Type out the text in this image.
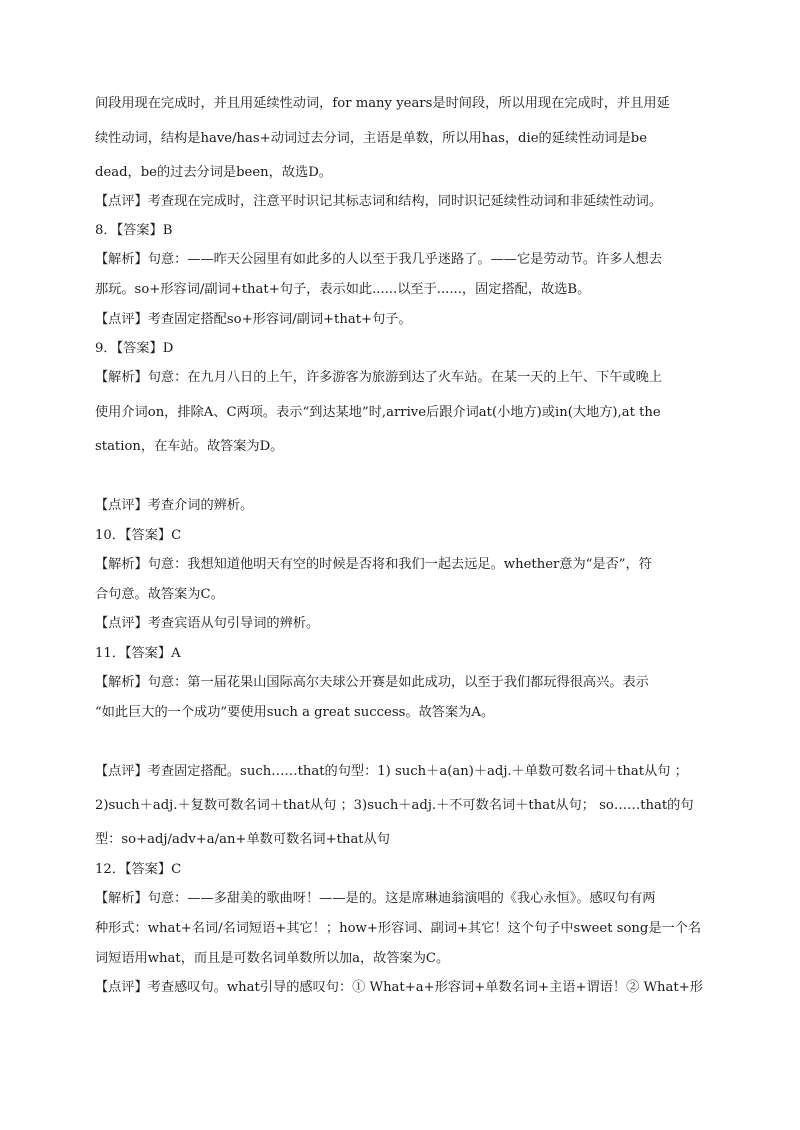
间段用现在完成时，并且用延续性动词，for many years是时间段，所以用现在完成时，并且用延
续性动词，结构是have/has+动词过去分词，主语是单数，所以用has，die的延续性动词是be
dead，be的过去分词是been，故选D。
【点评】考查现在完成时，注意平时识记其标志词和结构，同时识记延续性动词和非延续性动词。
8．【答案】B
【解析】句意：——昨天公园里有如此多的人以至于我几乎迷路了。——它是劳动节。许多人想去
那玩。so+形容词/副词+that+句子，表示如此......以至于......，固定搭配，故选B。
【点评】考查固定搭配so+形容词/副词+that+句子。
9．【答案】D
【解析】句意：在九月八日的上午，许多游客为旅游到达了火车站。在某一天的上午、下午或晚上
使用介词on，排除A、C两项。表示“到达某地”时,arrive后跟介词at(小地方)或in(大地方),at the
station，在车站。故答案为D。
【点评】考查介词的辨析。
10．【答案】C
【解析】句意：我想知道他明天有空的时候是否将和我们一起去远足。whether意为“是否”，符
合句意。故答案为C。
【点评】考查宾语从句引导词的辨析。
11．【答案】A
【解析】句意：第一届花果山国际高尔夫球公开赛是如此成功，以至于我们都玩得很高兴。表示
“如此巨大的一个成功”要使用such a great success。故答案为A。
【点评】考查固定搭配。such……that的句型：1) such＋a(an)＋adj.＋单数可数名词＋that从句 ；
2)such＋adj.＋复数可数名词＋that从句 ；3)such＋adj.＋不可数名词＋that从句； so……that的句
型：so+adj/adv+a/an+单数可数名词+that从句
12．【答案】C
【解析】句意：——多甜美的歌曲呀！——是的。这是席琳迪翁演唱的《我心永恒》。感叹句有两
种形式：what+名词/名词短语+其它！；how+形容词、副词+其它！这个句子中sweet song是一个名
词短语用what，而且是可数名词单数所以加a，故答案为C。
【点评】考查感叹句。what引导的感叹句：① What+a+形容词+单数名词+主语+谓语！② What+形
